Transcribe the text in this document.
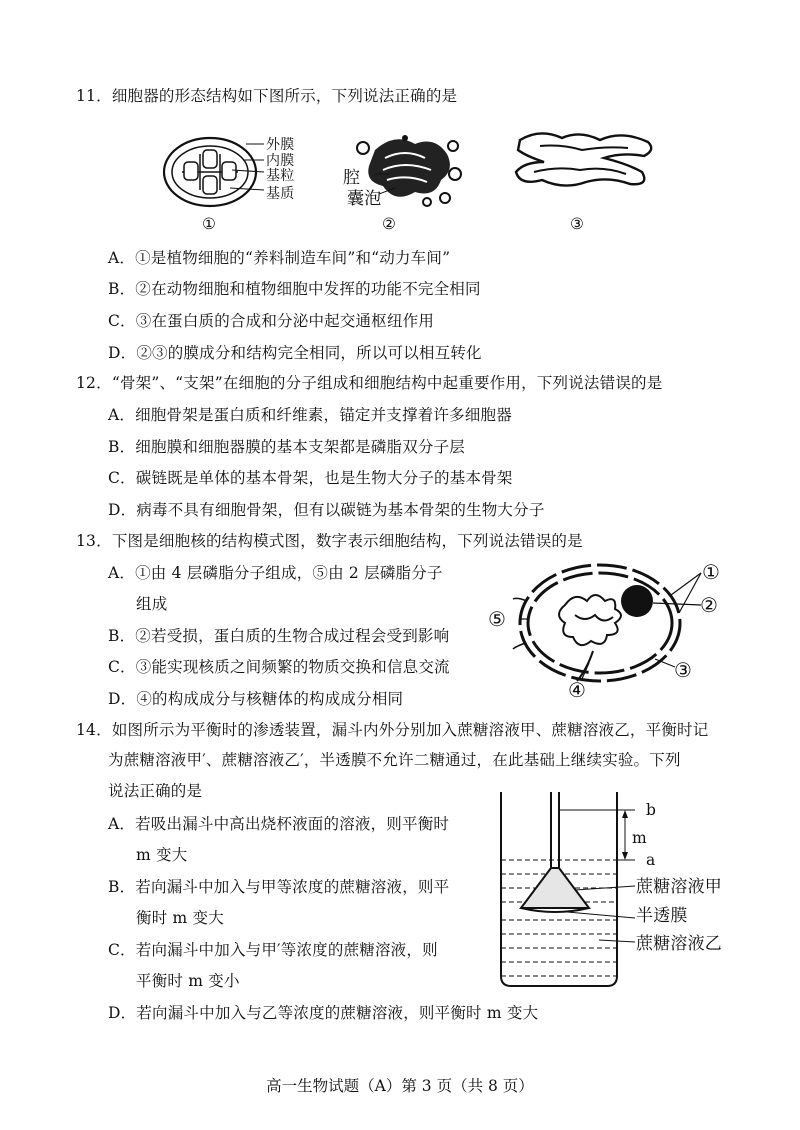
11．细胞器的形态结构如下图所示，下列说法正确的是
外膜
内膜
基粒
基质
①
腔
囊泡
②	③
A．①是植物细胞的“养料制造车间”和“动力车间”
B．②在动物细胞和植物细胞中发挥的功能不完全相同
C．③在蛋白质的合成和分泌中起交通枢纽作用
D．②③的膜成分和结构完全相同，所以可以相互转化
12．“骨架”、“支架”在细胞的分子组成和细胞结构中起重要作用，下列说法错误的是
A．细胞骨架是蛋白质和纤维素，锚定并支撑着许多细胞器
B．细胞膜和细胞器膜的基本支架都是磷脂双分子层
C．碳链既是单体的基本骨架，也是生物大分子的基本骨架
D．病毒不具有细胞骨架，但有以碳链为基本骨架的生物大分子
13．下图是细胞核的结构模式图，数字表示细胞结构，下列说法错误的是
A．①由 4 层磷脂分子组成，⑤由 2 层磷脂分子
组成
B．②若受损，蛋白质的生物合成过程会受到影响
C．③能实现核质之间频繁的物质交换和信息交流
D．④的构成成分与核糖体的构成成分相同
①
②
③
④
⑤
14．如图所示为平衡时的渗透装置，漏斗内外分别加入蔗糖溶液甲、蔗糖溶液乙，平衡时记
为蔗糖溶液甲′、蔗糖溶液乙′，半透膜不允许二糖通过，在此基础上继续实验。下列
说法正确的是
A．若吸出漏斗中高出烧杯液面的溶液，则平衡时
m 变大
B．若向漏斗中加入与甲等浓度的蔗糖溶液，则平
衡时 m 变大
C．若向漏斗中加入与甲′等浓度的蔗糖溶液，则
平衡时 m 变小
D．若向漏斗中加入与乙等浓度的蔗糖溶液，则平衡时 m 变大
b
m
a
蔗糖溶液甲
半透膜
蔗糖溶液乙
高一生物试题（A）第 3 页（共 8 页）
